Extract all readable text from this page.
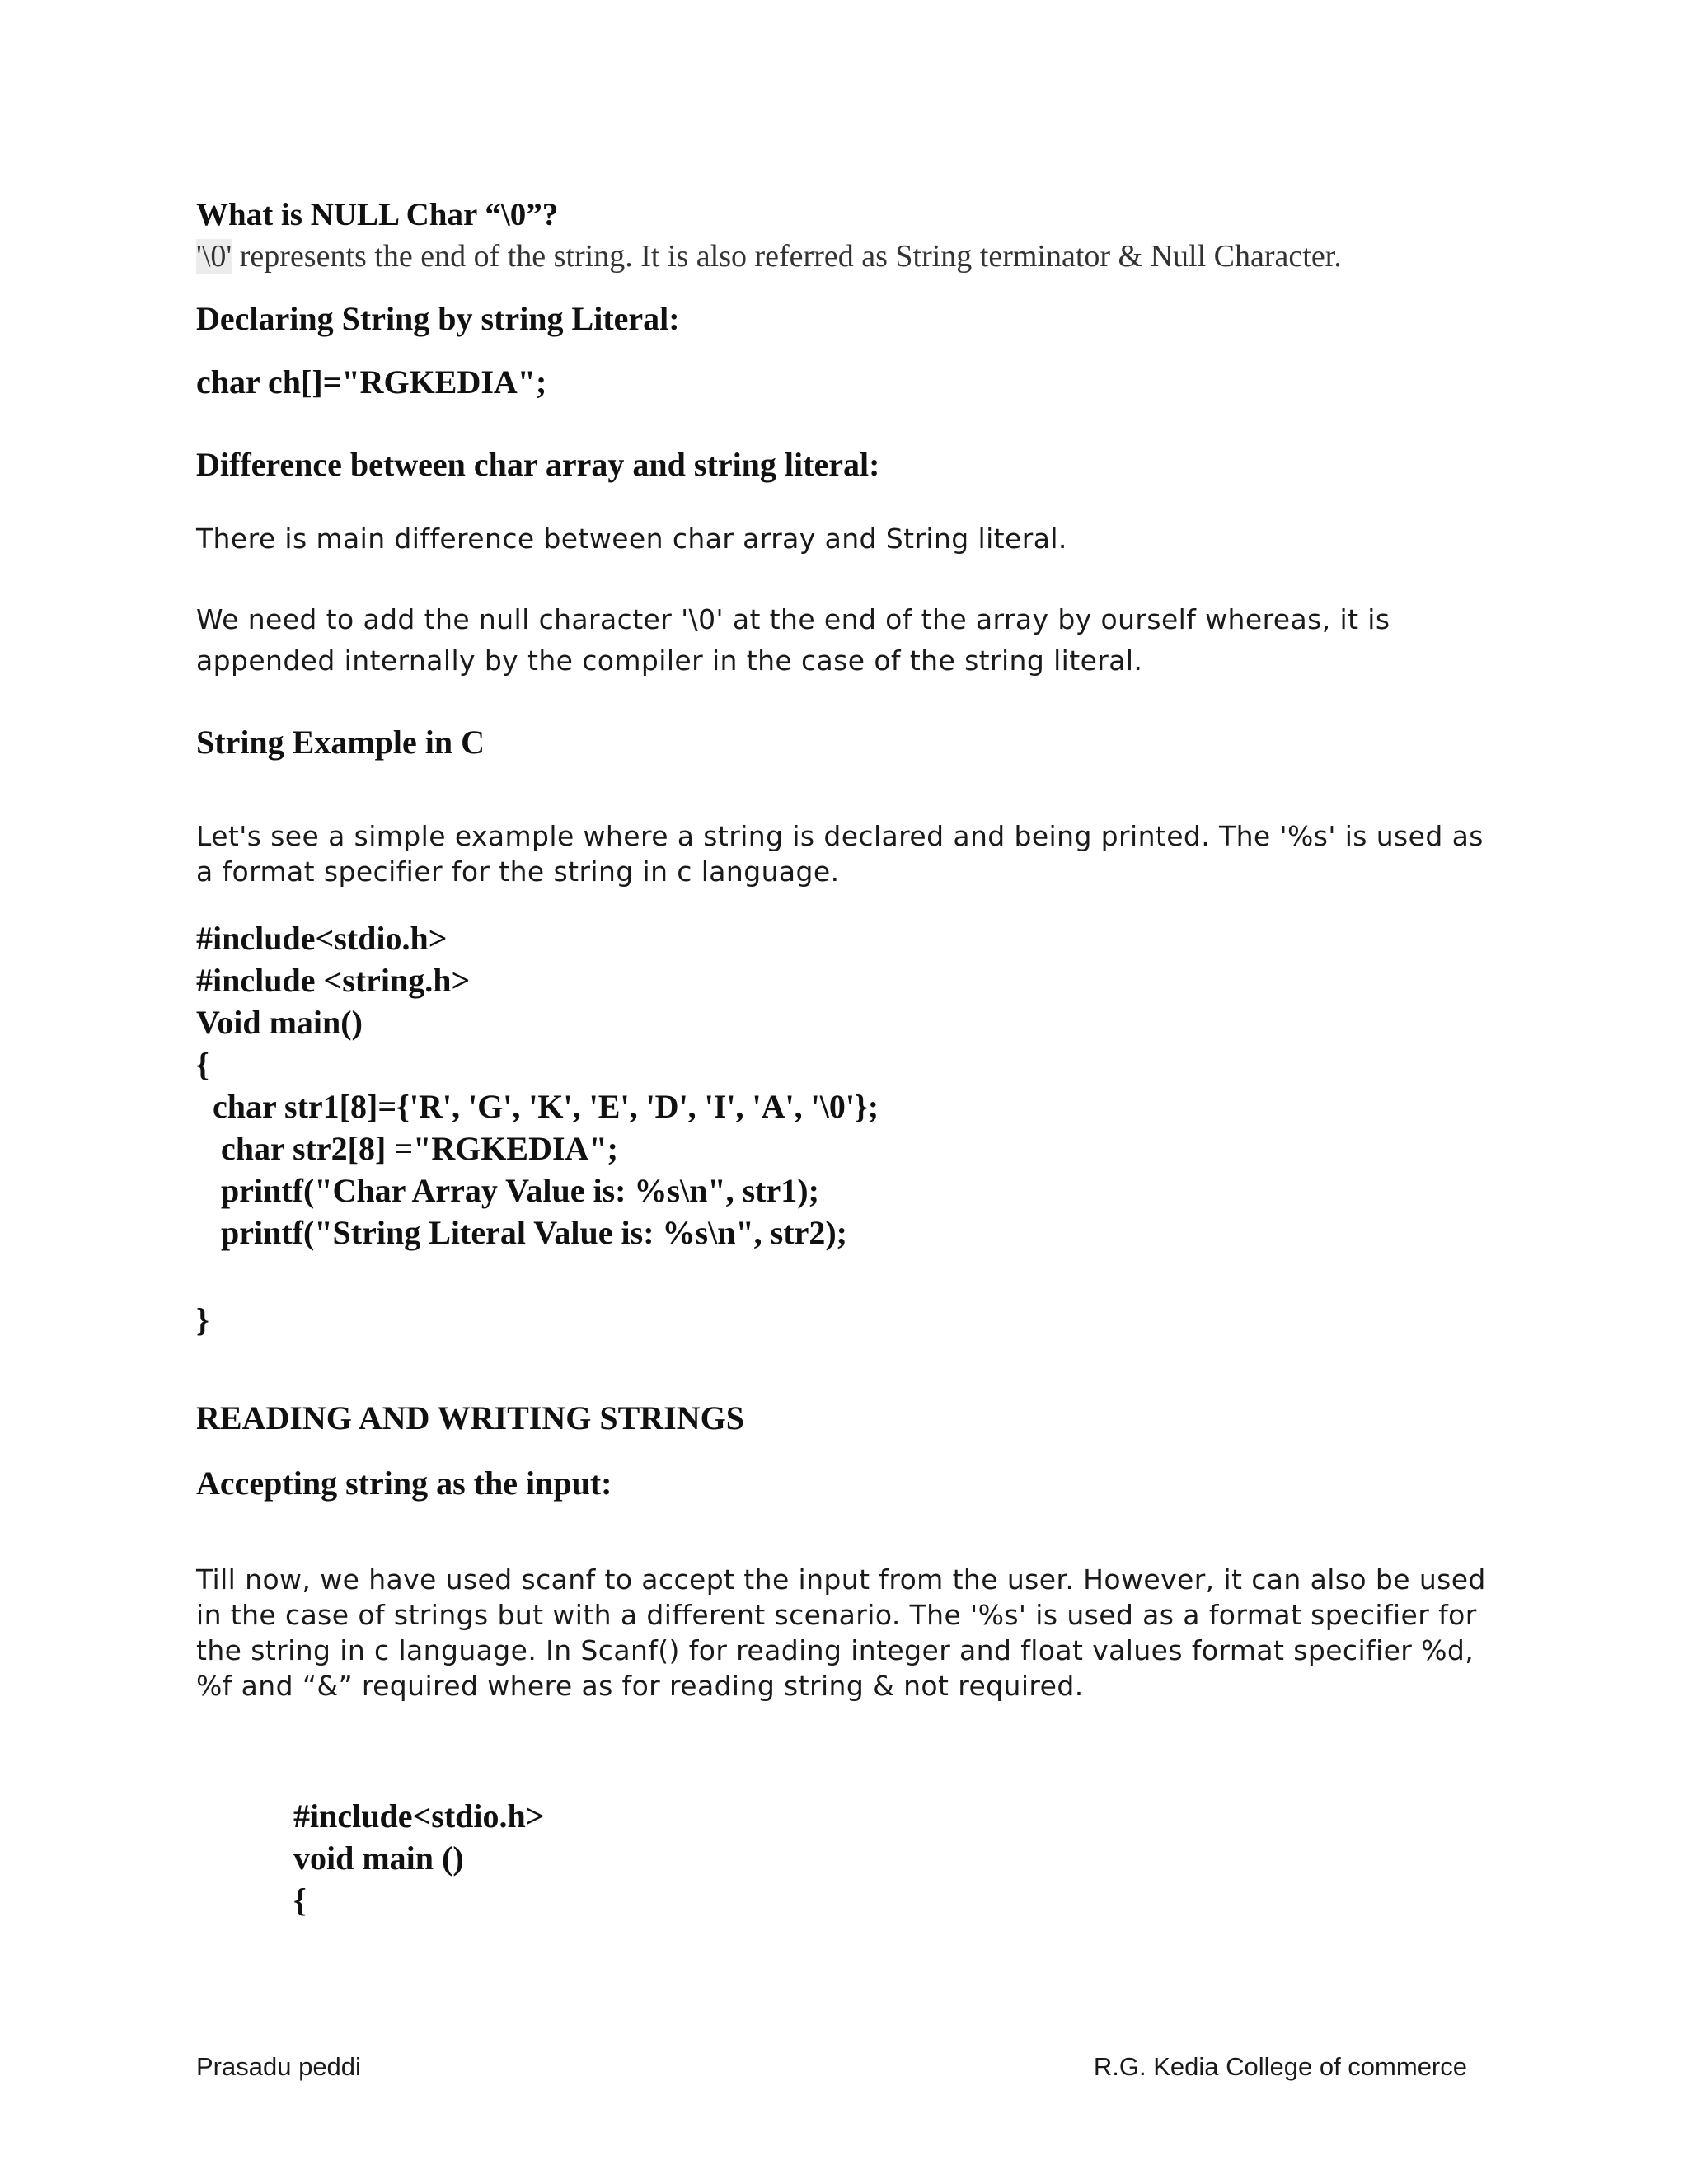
What is NULL Char “\0”?
'\0' represents the end of the string. It is also referred as String terminator & Null Character.
Declaring String by string Literal:
char ch[]="RGKEDIA";
Difference between char array and string literal:
There is main difference between char array and String literal.
We need to add the null character '\0' at the end of the array by ourself whereas, it is
appended internally by the compiler in the case of the string literal.
String Example in C
Let's see a simple example where a string is declared and being printed. The '%s' is used as
a format specifier for the string in c language.
#include<stdio.h>
#include <string.h>
Void main()
{
char str1[8]={'R', 'G', 'K', 'E', 'D', 'I', 'A', '\0'};
char str2[8] ="RGKEDIA";
printf("Char Array Value is: %s\n", str1);
printf("String Literal Value is: %s\n", str2);
}
READING AND WRITING STRINGS
Accepting string as the input:
Till now, we have used scanf to accept the input from the user. However, it can also be used
in the case of strings but with a different scenario. The '%s' is used as a format specifier for
the string in c language. In Scanf() for reading integer and float values format specifier %d,
%f and “&” required where as for reading string & not required.
#include<stdio.h>
void main ()
{
Prasadu peddi	R.G. Kedia College of commerce
